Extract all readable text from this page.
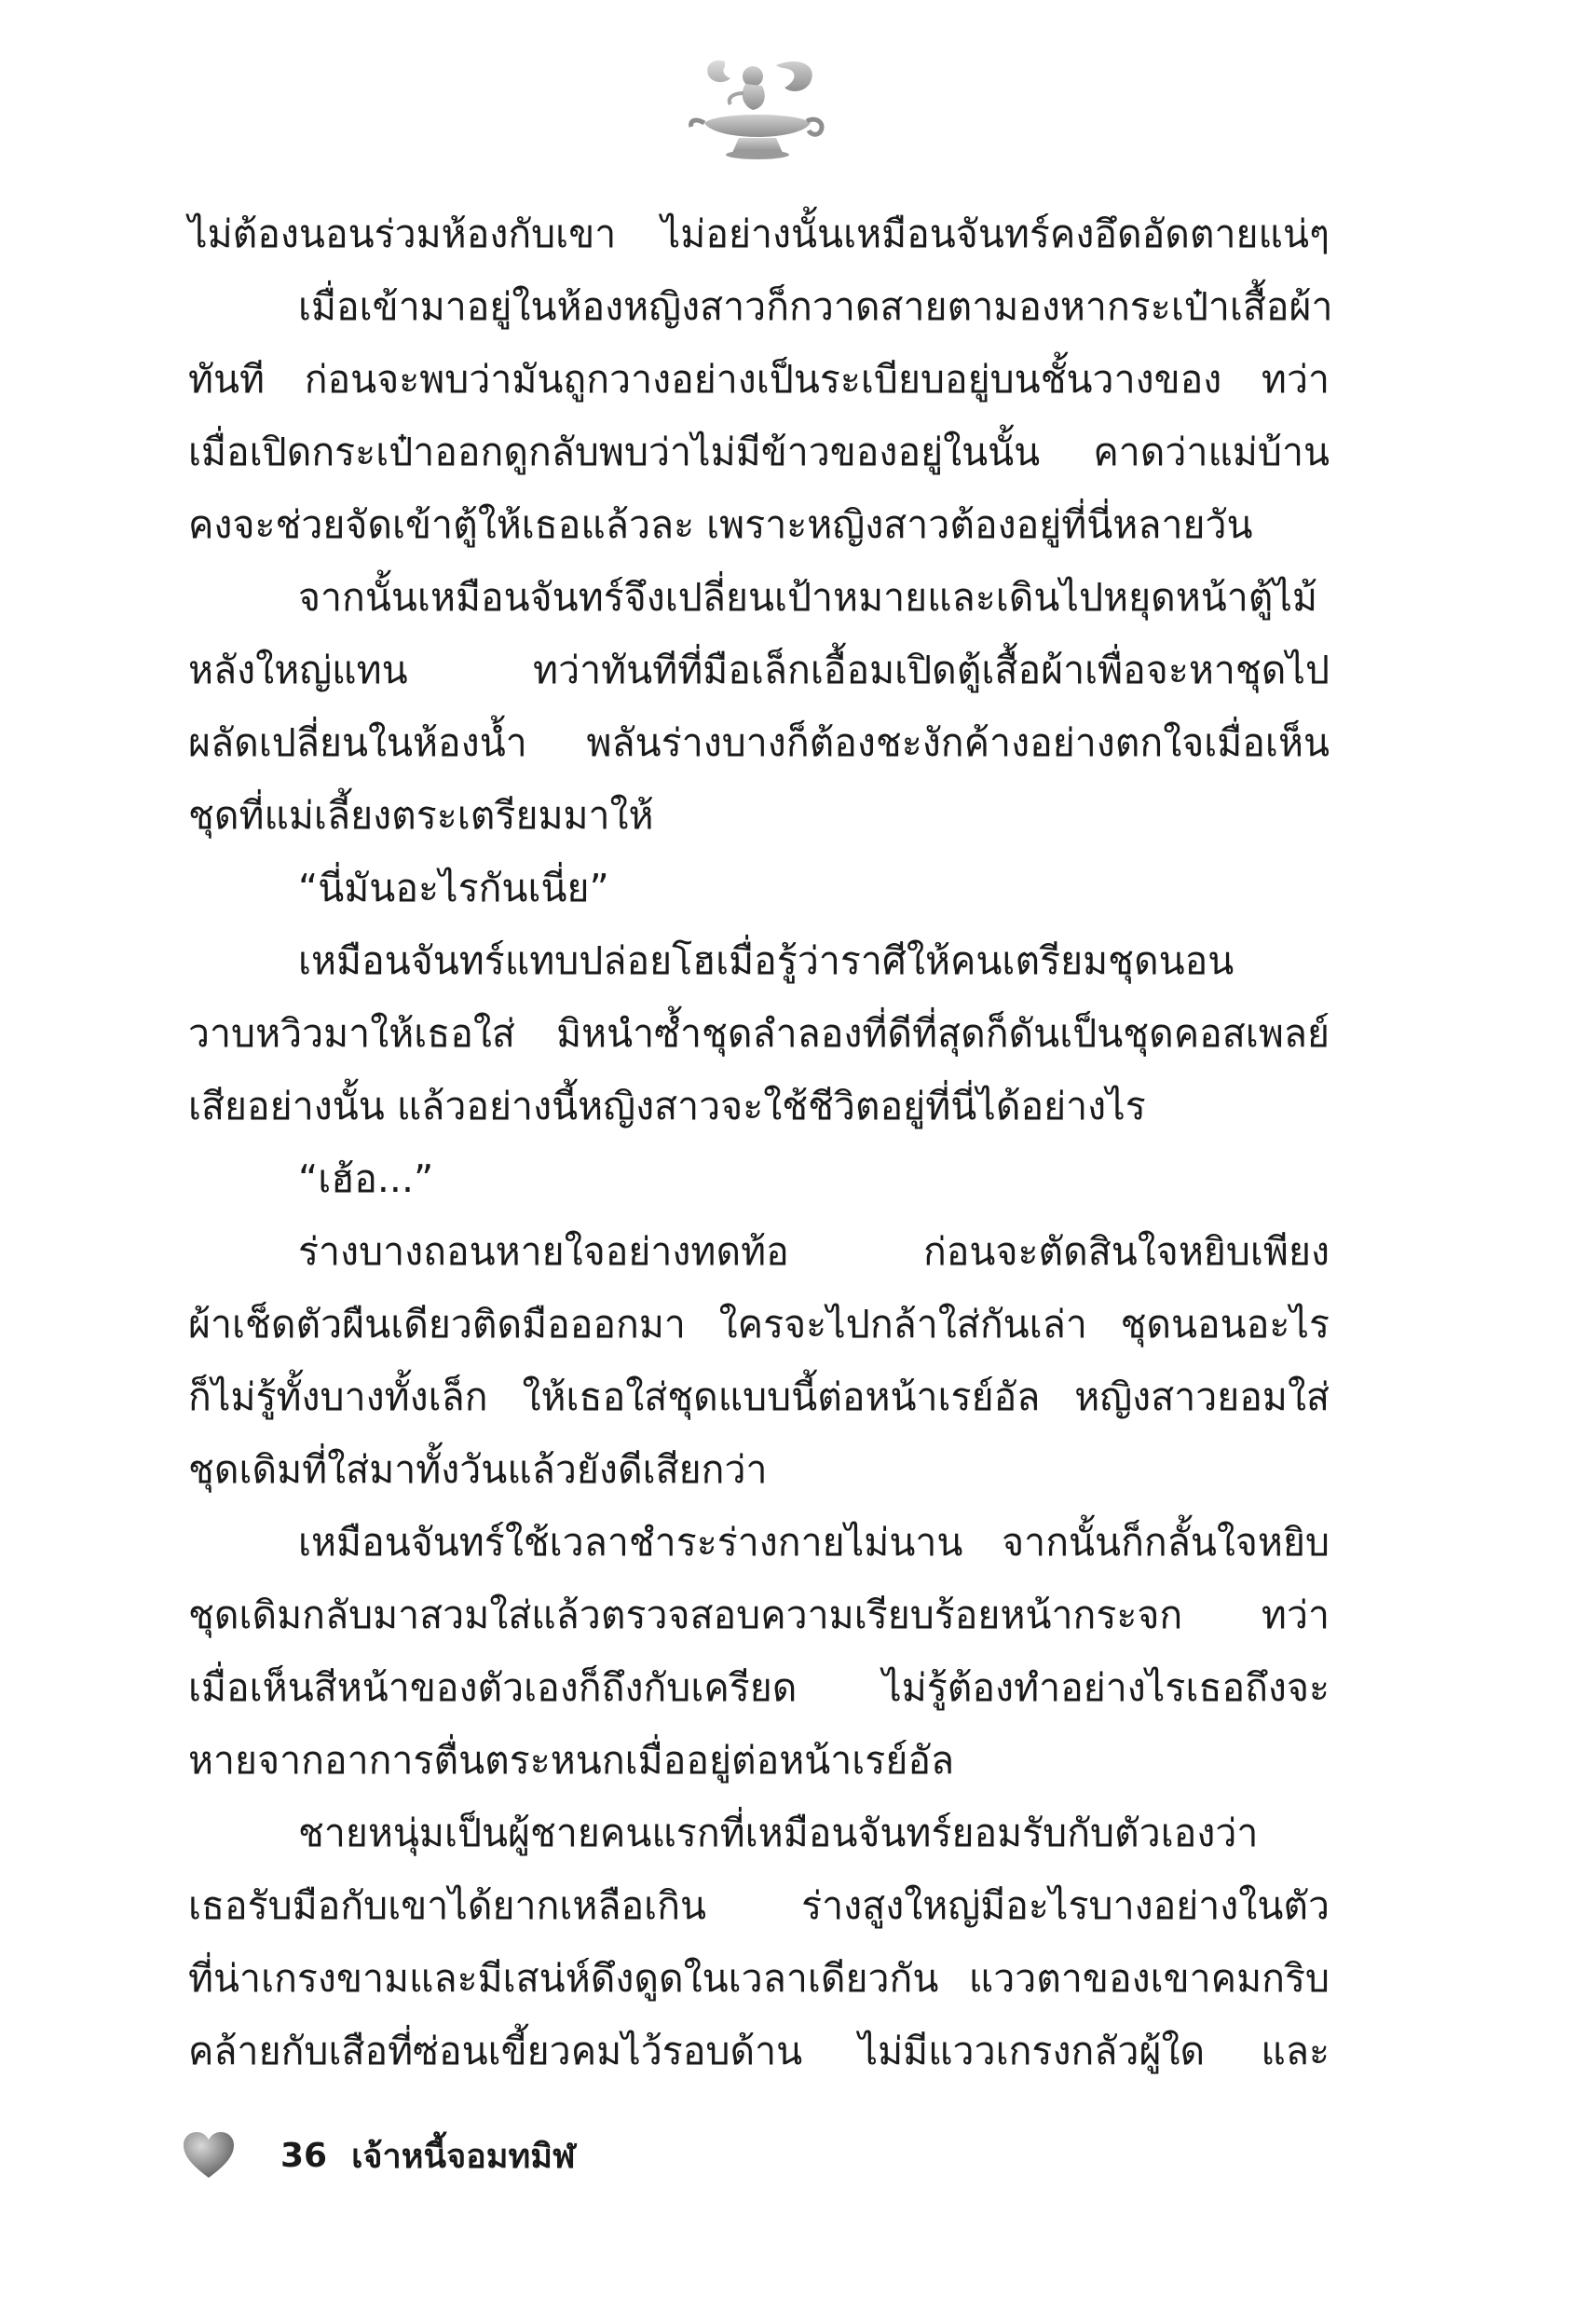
ไม่ต้องนอนร่วมห้องกับเขา ไม่อย่างนั้นเหมือนจันทร์คงอึดอัดตายแน่ๆ
เมื่อเข้ามาอยู่ในห้องหญิงสาวก็กวาดสายตามองหากระเป๋าเสื้อผ้า
ทันที ก่อนจะพบว่ามันถูกวางอย่างเป็นระเบียบอยู่บนชั้นวางของ ทว่า
เมื่อเปิดกระเป๋าออกดูกลับพบว่าไม่มีข้าวของอยู่ในนั้น คาดว่าแม่บ้าน
คงจะช่วยจัดเข้าตู้ให้เธอแล้วละ เพราะหญิงสาวต้องอยู่ที่นี่หลายวัน
จากนั้นเหมือนจันทร์จึงเปลี่ยนเป้าหมายและเดินไปหยุดหน้าตู้ไม้
หลังใหญ่แทน ทว่าทันทีที่มือเล็กเอื้อมเปิดตู้เสื้อผ้าเพื่อจะหาชุดไป
ผลัดเปลี่ยนในห้องน้ำ พลันร่างบางก็ต้องชะงักค้างอย่างตกใจเมื่อเห็น
ชุดที่แม่เลี้ยงตระเตรียมมาให้
“นี่มันอะไรกันเนี่ย”
เหมือนจันทร์แทบปล่อยโฮเมื่อรู้ว่าราศีให้คนเตรียมชุดนอน
วาบหวิวมาให้เธอใส่ มิหนำซ้ำชุดลำลองที่ดีที่สุดก็ดันเป็นชุดคอสเพลย์
เสียอย่างนั้น แล้วอย่างนี้หญิงสาวจะใช้ชีวิตอยู่ที่นี่ได้อย่างไร
“เฮ้อ...”
ร่างบางถอนหายใจอย่างทดท้อ ก่อนจะตัดสินใจหยิบเพียง
ผ้าเช็ดตัวผืนเดียวติดมือออกมา ใครจะไปกล้าใส่กันเล่า ชุดนอนอะไร
ก็ไม่รู้ทั้งบางทั้งเล็ก ให้เธอใส่ชุดแบบนี้ต่อหน้าเรย์อัล หญิงสาวยอมใส่
ชุดเดิมที่ใส่มาทั้งวันแล้วยังดีเสียกว่า
เหมือนจันทร์ใช้เวลาชำระร่างกายไม่นาน จากนั้นก็กลั้นใจหยิบ
ชุดเดิมกลับมาสวมใส่แล้วตรวจสอบความเรียบร้อยหน้ากระจก ทว่า
เมื่อเห็นสีหน้าของตัวเองก็ถึงกับเครียด ไม่รู้ต้องทำอย่างไรเธอถึงจะ
หายจากอาการตื่นตระหนกเมื่ออยู่ต่อหน้าเรย์อัล
ชายหนุ่มเป็นผู้ชายคนแรกที่เหมือนจันทร์ยอมรับกับตัวเองว่า
เธอรับมือกับเขาได้ยากเหลือเกิน ร่างสูงใหญ่มีอะไรบางอย่างในตัว
ที่น่าเกรงขามและมีเสน่ห์ดึงดูดในเวลาเดียวกัน แววตาของเขาคมกริบ
คล้ายกับเสือที่ซ่อนเขี้ยวคมไว้รอบด้าน ไม่มีแววเกรงกลัวผู้ใด และ
36 เจ้าหนี้จอมทมิฬ
